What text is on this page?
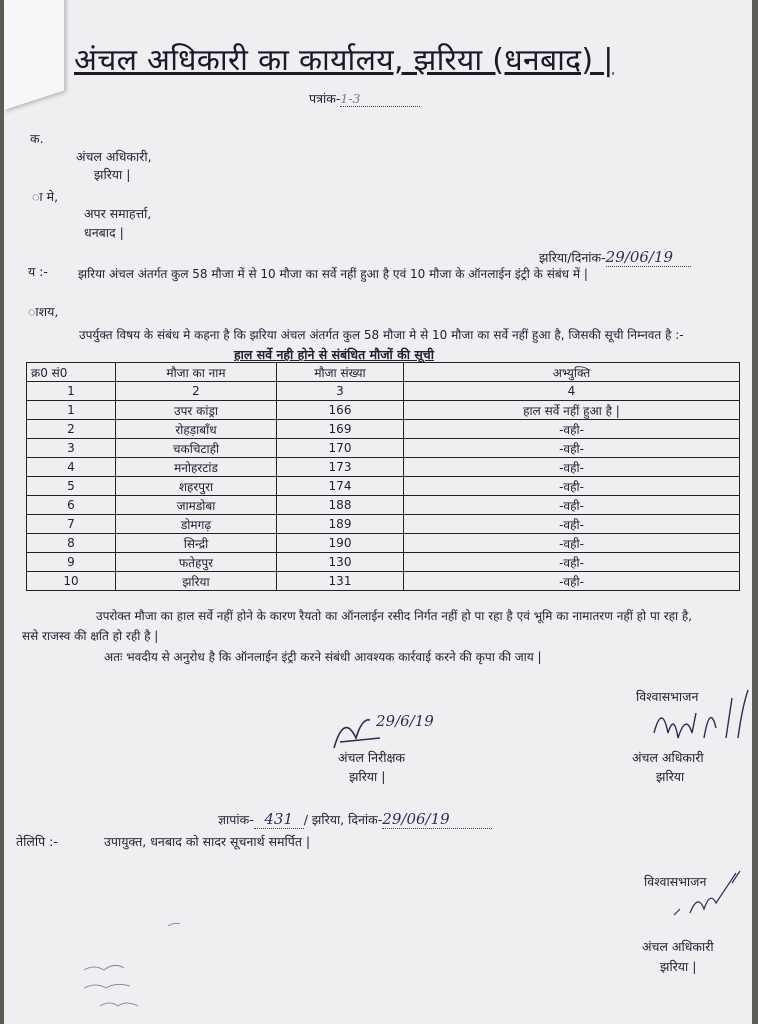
अंचल अधिकारी का कार्यालय, झरिया (धनबाद) |
पत्रांक-1-3
क.
अंचल अधिकारी,
झरिया |
ा मे,
अपर समाहर्त्ता,
धनबाद |
झरिया/दिनांक-29/06/19
य :-	झरिया अंचल अंतर्गत कुल 58 मौजा में से 10 मौजा का सर्वे नहीं हुआ है एवं 10 मौजा के ऑनलाईन इंट्री के संबंध में |
ाशय,
उपर्युक्त विषय के संबंध मे कहना है कि झरिया अंचल अंतर्गत कुल 58 मौजा मे से 10 मौजा का सर्वे नहीं हुआ है, जिसकी सूची निम्नवत है :-
हाल सर्वे नही होने से संबंधित मौजों की सूची
क्र0 सं0	मौजा का नाम	मौजा संख्या	अभ्युक्ति
1	2	3	4
1	उपर कांड्रा	166	हाल सर्वे नहीं हुआ है |
2	रोहड़ाबाँध	169	-वही-
3	चकचिटाही	170	-वही-
4	मनोहरटांड	173	-वही-
5	शहरपुरा	174	-वही-
6	जामडोबा	188	-वही-
7	डोमगढ़	189	-वही-
8	सिन्द्री	190	-वही-
9	फतेहपुर	130	-वही-
10	झरिया	131	-वही-
उपरोक्त मौजा का हाल सर्वे नहीं होने के कारण रैयतो का ऑनलाईन रसीद निर्गत नहीं हो पा रहा है एवं भूमि का नामातरण नहीं हो पा रहा है,
ससे राजस्व की क्षति हो रही है |
अतः भवदीय से अनुरोध है कि ऑनलाईन इंट्री करने संबंधी आवश्यक कार्रवाई करने की कृपा की जाय |
विश्वासभाजन
29/6/19
अंचल निरीक्षक
झरिया |
अंचल अधिकारी
झरिया
ज्ञापांक- 431 / झरिया, दिनांक-29/06/19
तेलिपि :-	उपायुक्त, धनबाद को सादर सूचनार्थ समर्पित |
विश्वासभाजन
अंचल अधिकारी
झरिया |
